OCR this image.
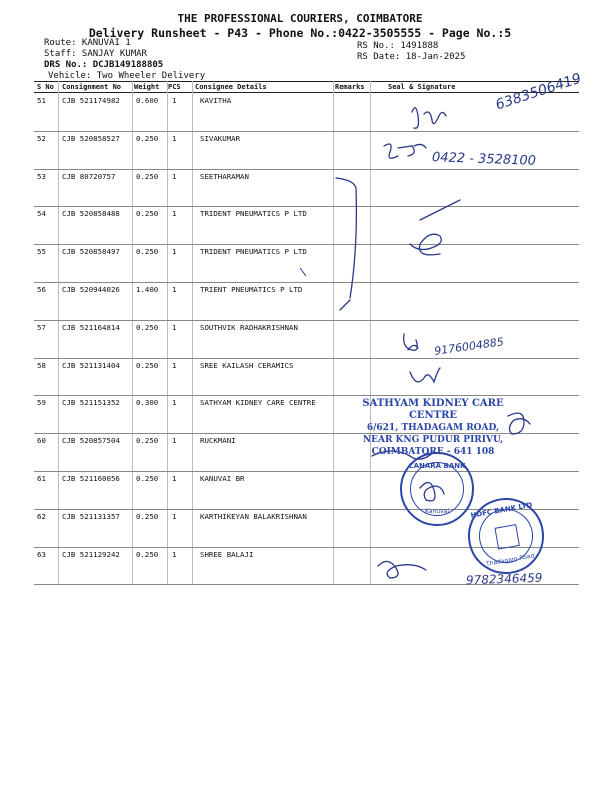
THE PROFESSIONAL COURIERS, COIMBATORE
Delivery Runsheet - P43 - Phone No.:0422-3505555 - Page No.:5
Route: KANUVAI 1
Staff: SANJAY KUMAR
DRS No.: DCJB149188805
Vehicle: Two Wheeler Delivery
RS No.: 1491888
RS Date: 18-Jan-2025
S No Consignment No Weight PCS Consignee Details	Remarks	Seal & Signature
51 CJB 521174982 0.600 1	KAVITHA
52 CJB 520858527 0.250 1	SIVAKUMAR
53 CJB 80720757	0.250 1	SEETHARAMAN
54 CJB 520858488 0.250 1	TRIDENT PNEUMATICS P LTD
55 CJB 520858497 0.250 1	TRIDENT PNEUMATICS P LTD
56 CJB 520944026 1.400 1	TRIENT PNEUMATICS P LTD
57 CJB 521164814 0.250 1	SOUTHVIK RADHAKRISHNAN
58 CJB 521131404 0.250 1	SREE KAILASH CERAMICS
59 CJB 521151352 0.300 1	SATHYAM KIDNEY CARE CENTRE
60 CJB 520857504 0.250 1	RUCKMANI
61 CJB 521160056 0.250 1	KANUVAI BR
62 CJB 521131357 0.250 1	KARTHIKEYAN BALAKRISHNAN
63 CJB 521129242 0.250 1	SHREE BALAJI
6383506419
0422 - 3528100
9176004885
9782346459
SATHYAM KIDNEY CARE CENTRE
6/621, THADAGAM ROAD,
NEAR KNG PUDUR PIRIVU,
COIMBATORE - 641 108
CANARA BANK
Kanuvai	HDFC BANK LTD
Thadagam Road
